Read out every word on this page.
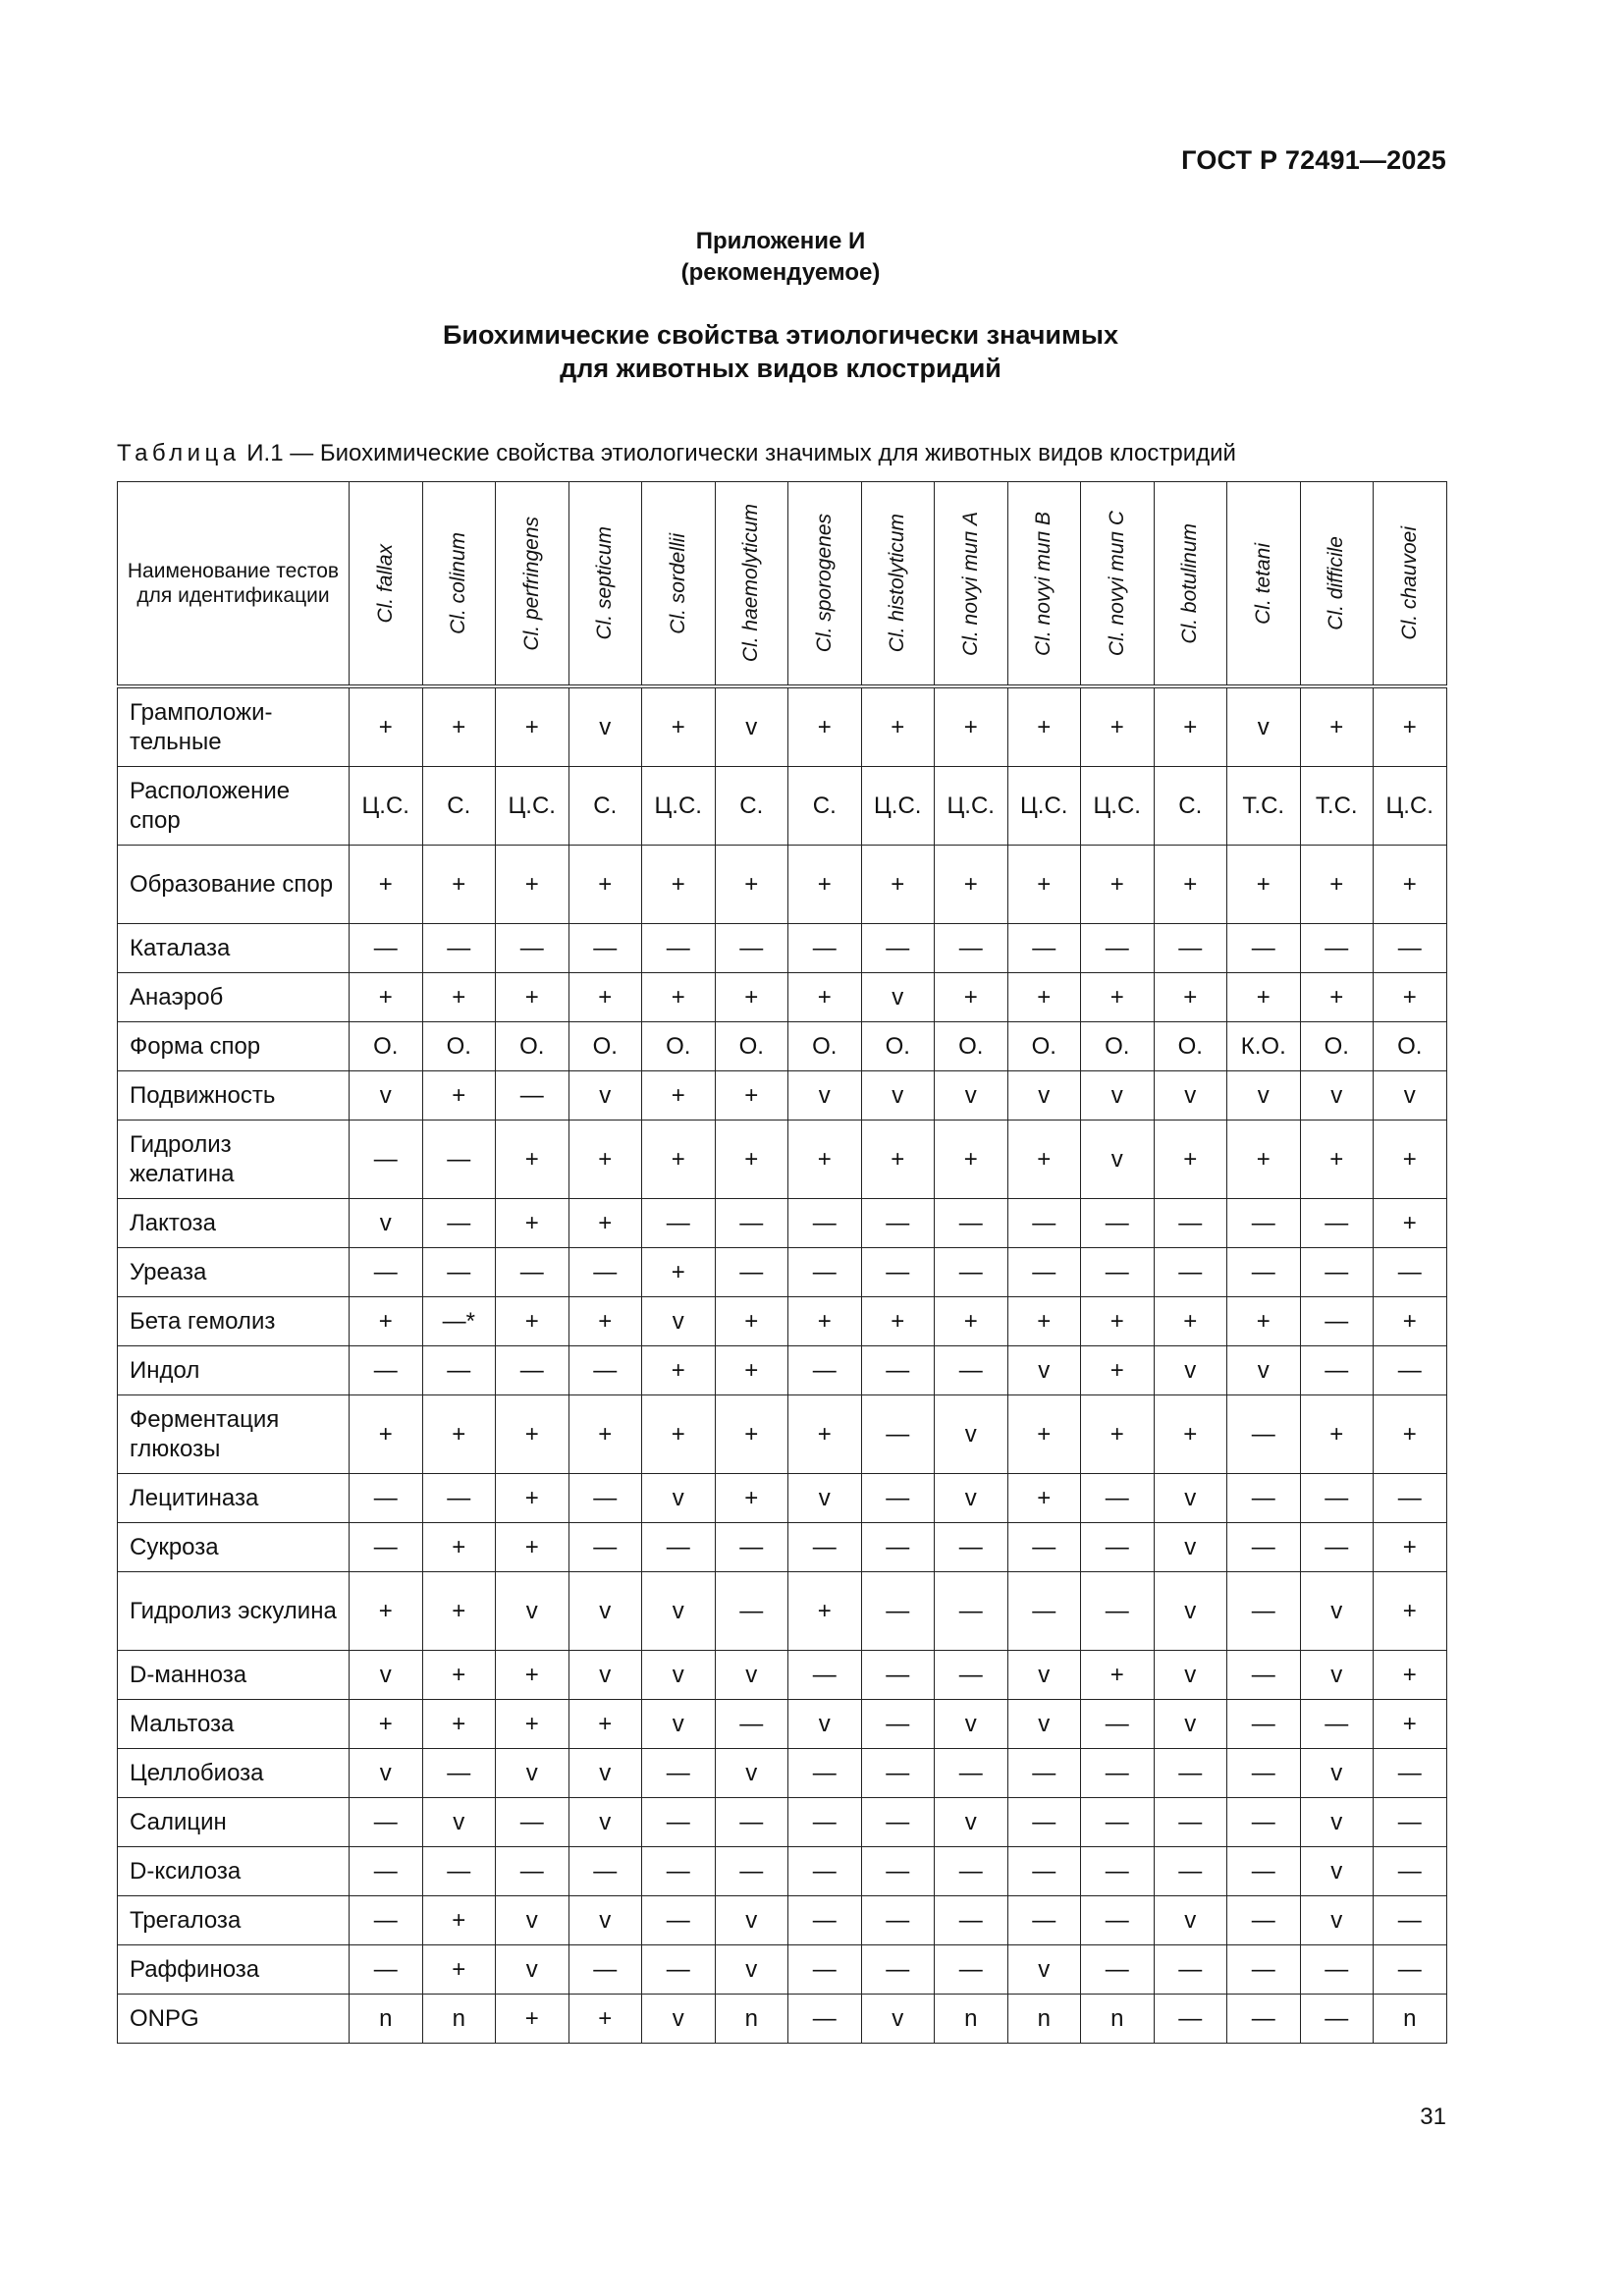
ГОСТ Р 72491—2025
Приложение И
(рекомендуемое)
Биохимические свойства этиологически значимых
для животных видов клостридий
Таблица И.1 — Биохимические свойства этиологически значимых для животных видов клостридий
Наименование тестов для идентификации	Cl. fallax	Cl. colinum	Cl. perfringens	Cl. septicum	Cl. sordellii	Cl. haemolyticum	Cl. sporogenes	Cl. histolyticum	Cl. novyi тип A	Cl. novyi тип B	Cl. novyi тип C	Cl. botulinum	Cl. tetani	Cl. difficile	Cl. chauvoei

Грамположи-тельные	+	+	+	v	+	v	+	+	+	+	+	+	v	+	+
Расположение спор	Ц.С.	С.	Ц.С.	С.	Ц.С.	С.	С.	Ц.С.	Ц.С.	Ц.С.	Ц.С.	С.	Т.С.	Т.С.	Ц.С.
Образование спор	+	+	+	+	+	+	+	+	+	+	+	+	+	+	+
Каталаза	—	—	—	—	—	—	—	—	—	—	—	—	—	—	—
Анаэроб	+	+	+	+	+	+	+	v	+	+	+	+	+	+	+
Форма спор	О.	О.	О.	О.	О.	О.	О.	О.	О.	О.	О.	О.	К.О.	О.	О.
Подвижность	v	+	—	v	+	+	v	v	v	v	v	v	v	v	v
Гидролиз желатина	—	—	+	+	+	+	+	+	+	+	v	+	+	+	+
Лактоза	v	—	+	+	—	—	—	—	—	—	—	—	—	—	+
Уреаза	—	—	—	—	+	—	—	—	—	—	—	—	—	—	—
Бета гемолиз	+	—*	+	+	v	+	+	+	+	+	+	+	+	—	+
Индол	—	—	—	—	+	+	—	—	—	v	+	v	v	—	—
Ферментация глюкозы	+	+	+	+	+	+	+	—	v	+	+	+	—	+	+
Лецитиназа	—	—	+	—	v	+	v	—	v	+	—	v	—	—	—
Сукроза	—	+	+	—	—	—	—	—	—	—	—	v	—	—	+
Гидролиз эскулина	+	+	v	v	v	—	+	—	—	—	—	v	—	v	+
D-манноза	v	+	+	v	v	v	—	—	—	v	+	v	—	v	+
Мальтоза	+	+	+	+	v	—	v	—	v	v	—	v	—	—	+
Целлобиоза	v	—	v	v	—	v	—	—	—	—	—	—	—	v	—
Салицин	—	v	—	v	—	—	—	—	v	—	—	—	—	v	—
D-ксилоза	—	—	—	—	—	—	—	—	—	—	—	—	—	v	—
Трегалоза	—	+	v	v	—	v	—	—	—	—	—	v	—	v	—
Раффиноза	—	+	v	—	—	v	—	—	—	v	—	—	—	—	—
ONPG	n	n	+	+	v	n	—	v	n	n	n	—	—	—	n
31
